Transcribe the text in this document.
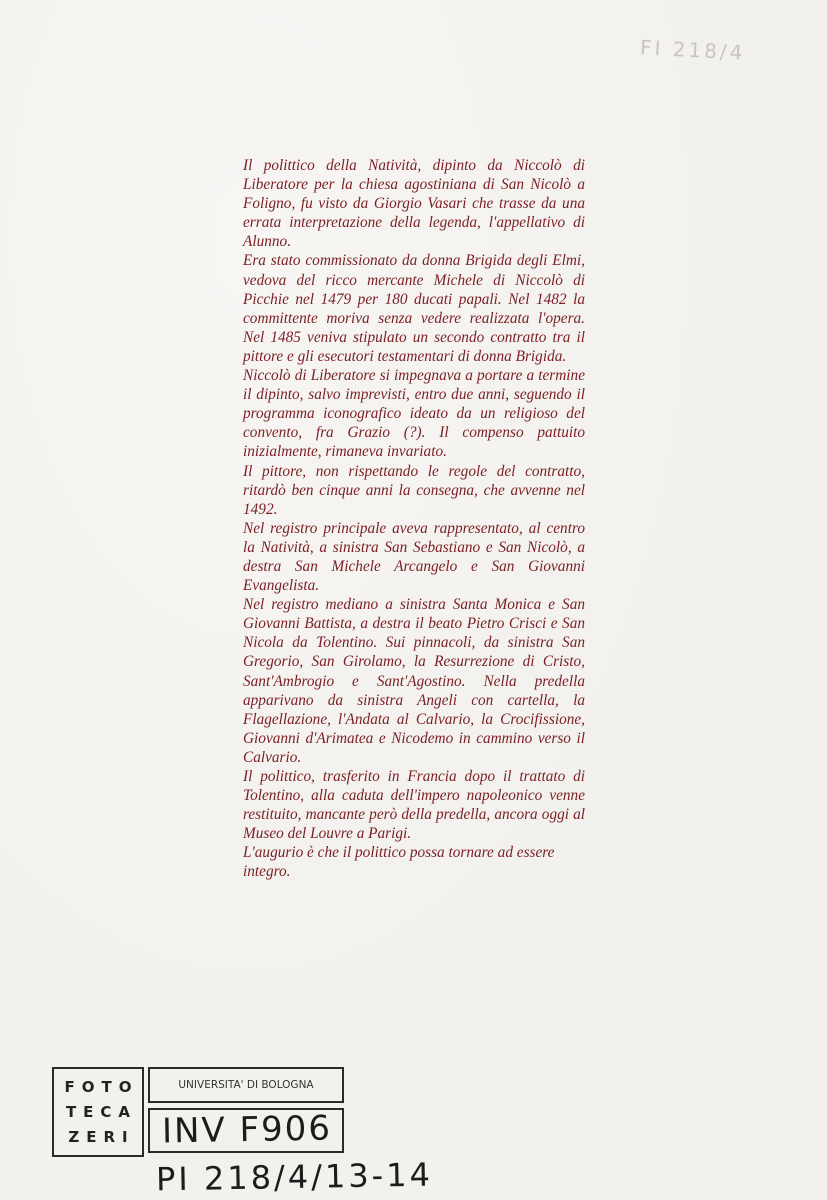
FI 218/4

Il polittico della Natività, dipinto da Niccolò di Liberatore per la chiesa agostiniana di San Nicolò a Foligno, fu visto da Giorgio Vasari che trasse da una errata interpretazione della legenda, l'appellativo di Alunno.

Era stato commissionato da donna Brigida degli Elmi, vedova del ricco mercante Michele di Niccolò di Picchie nel 1479 per 180 ducati papali. Nel 1482 la committente moriva senza vedere realizzata l'opera. Nel 1485 veniva stipulato un secondo contratto tra il pittore e gli esecutori testamentari di donna Brigida.

Niccolò di Liberatore si impegnava a portare a termine il dipinto, salvo imprevisti, entro due anni, seguendo il programma iconografico ideato da un religioso del convento, fra Grazio (?). Il compenso pattuito inizialmente, rimaneva invariato.

Il pittore, non rispettando le regole del contratto, ritardò ben cinque anni la consegna, che avvenne nel 1492.

Nel registro principale aveva rappresentato, al centro la Natività, a sinistra San Sebastiano e San Nicolò, a destra San Michele Arcangelo e San Giovanni Evangelista.

Nel registro mediano a sinistra Santa Monica e San Giovanni Battista, a destra il beato Pietro Crisci e San Nicola da Tolentino. Sui pinnacoli, da sinistra San Gregorio, San Girolamo, la Resurrezione di Cristo, Sant'Ambrogio e Sant'Agostino. Nella predella apparivano da sinistra Angeli con cartella, la Flagellazione, l'Andata al Calvario, la Crocifissione, Giovanni d'Arimatea e Nicodemo in cammino verso il Calvario.

Il polittico, trasferito in Francia dopo il trattato di Tolentino, alla caduta dell'impero napoleonico venne restituito, mancante però della predella, ancora oggi al Museo del Louvre a Parigi.

L'augurio è che il polittico possa tornare ad essere integro.

FOTO
TECA
ZERI
UNIVERSITA' DI BOLOGNA
INV F906
PI 218/4/13-14
